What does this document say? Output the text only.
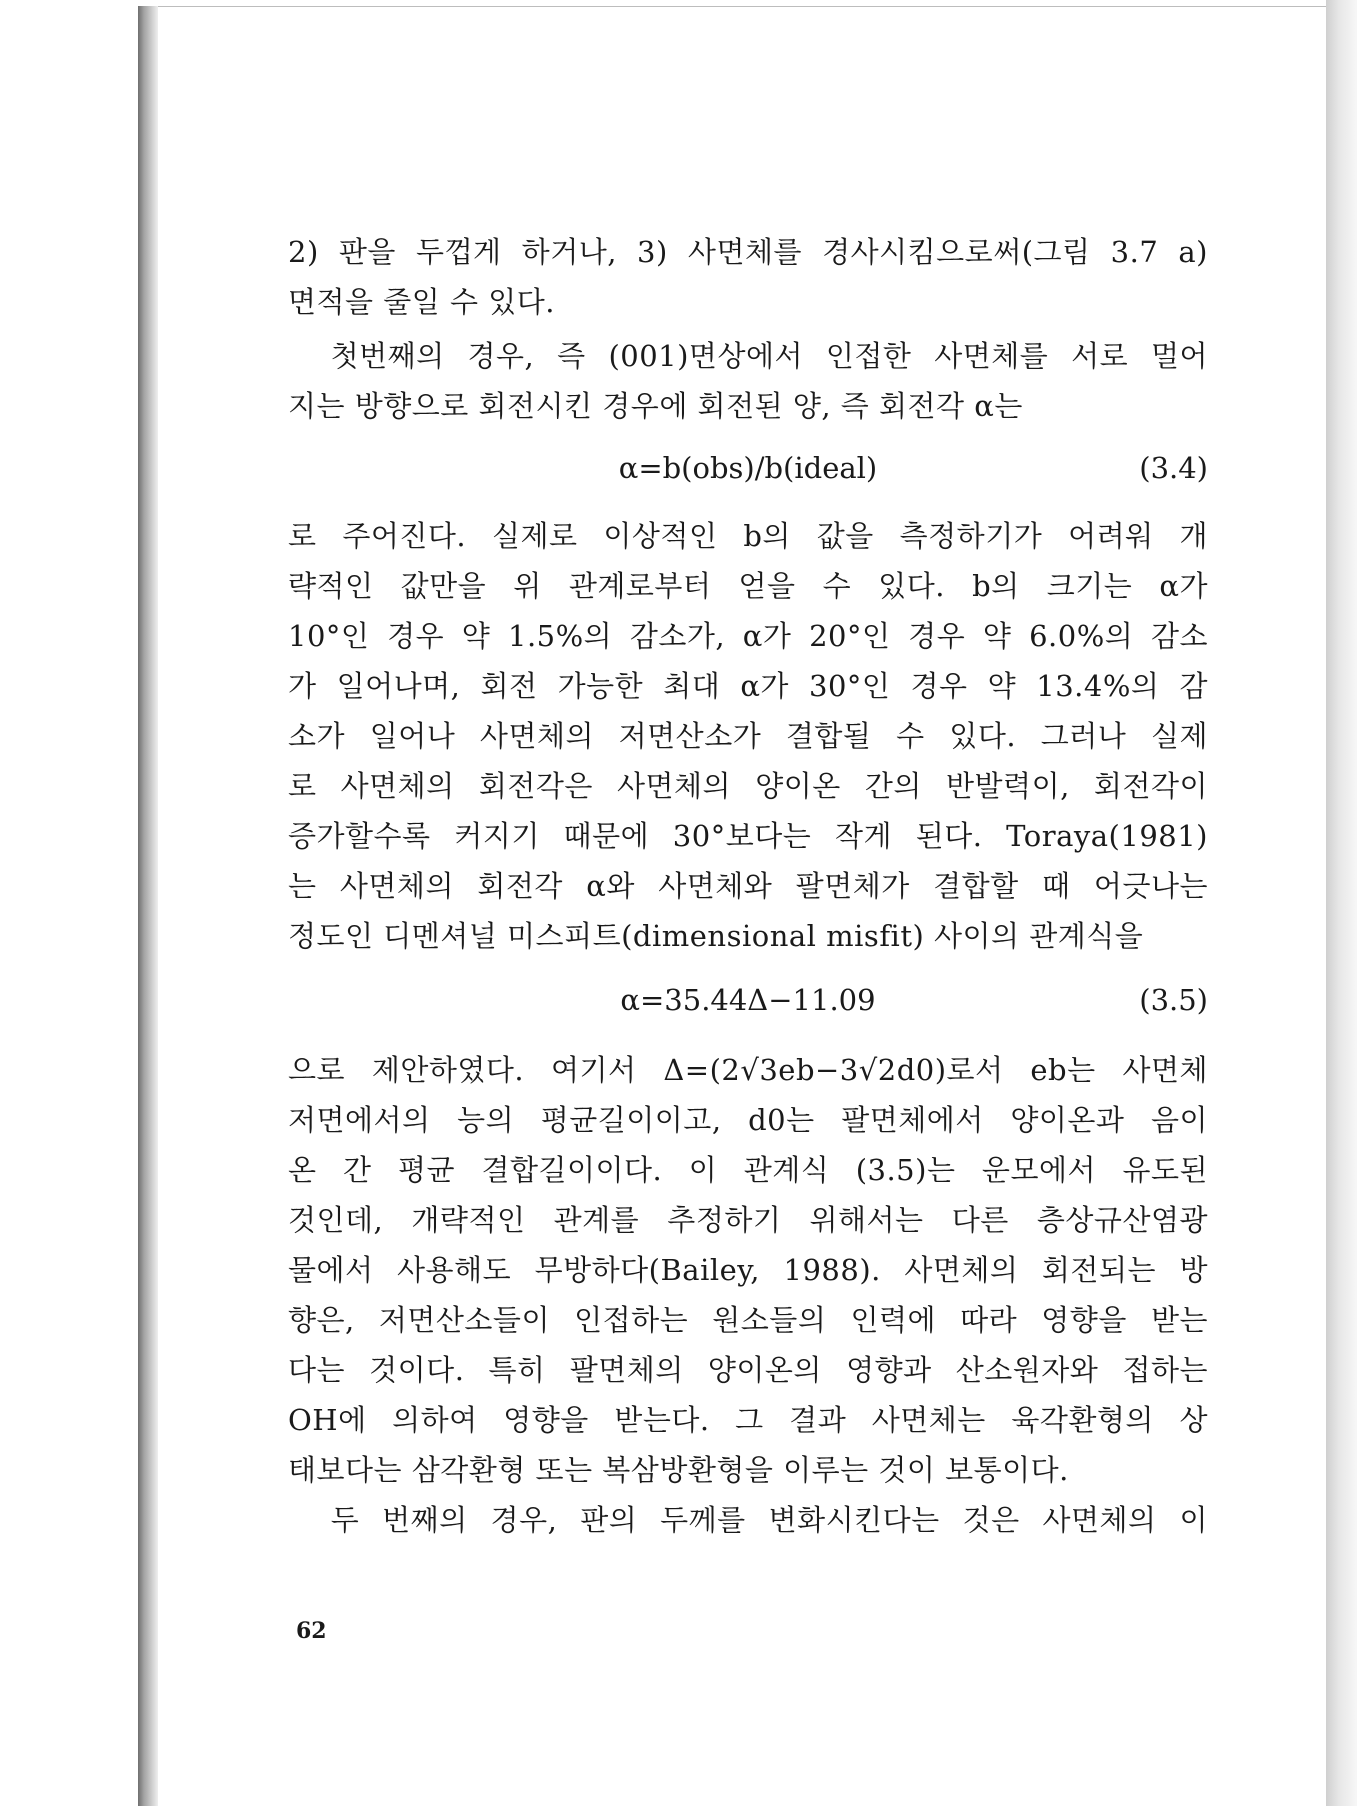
2) 판을 두껍게 하거나, 3) 사면체를 경사시킴으로써(그림 3.7 a)
면적을 줄일 수 있다.
　첫번째의 경우, 즉 (001)면상에서 인접한 사면체를 서로 멀어
지는 방향으로 회전시킨 경우에 회전된 양, 즉 회전각 α는
α=b(obs)/b(ideal)	(3.4)
로 주어진다. 실제로 이상적인 b의 값을 측정하기가 어려워 개
략적인 값만을 위 관계로부터 얻을 수 있다. b의 크기는 α가
10°인 경우 약 1.5%의 감소가, α가 20°인 경우 약 6.0%의 감소
가 일어나며, 회전 가능한 최대 α가 30°인 경우 약 13.4%의 감
소가 일어나 사면체의 저면산소가 결합될 수 있다. 그러나 실제
로 사면체의 회전각은 사면체의 양이온 간의 반발력이, 회전각이
증가할수록 커지기 때문에 30°보다는 작게 된다. Toraya(1981)
는 사면체의 회전각 α와 사면체와 팔면체가 결합할 때 어긋나는
정도인 디멘셔널 미스피트(dimensional misfit) 사이의 관계식을
α=35.44Δ−11.09	(3.5)
으로 제안하였다. 여기서 Δ=(2√3eb−3√2d0)로서 eb는 사면체
저면에서의 능의 평균길이이고, d0는 팔면체에서 양이온과 음이
온 간 평균 결합길이이다. 이 관계식 (3.5)는 운모에서 유도된
것인데, 개략적인 관계를 추정하기 위해서는 다른 층상규산염광
물에서 사용해도 무방하다(Bailey, 1988). 사면체의 회전되는 방
향은, 저면산소들이 인접하는 원소들의 인력에 따라 영향을 받는
다는 것이다. 특히 팔면체의 양이온의 영향과 산소원자와 접하는
OH에 의하여 영향을 받는다. 그 결과 사면체는 육각환형의 상
태보다는 삼각환형 또는 복삼방환형을 이루는 것이 보통이다.
　두 번째의 경우, 판의 두께를 변화시킨다는 것은 사면체의 이
62
